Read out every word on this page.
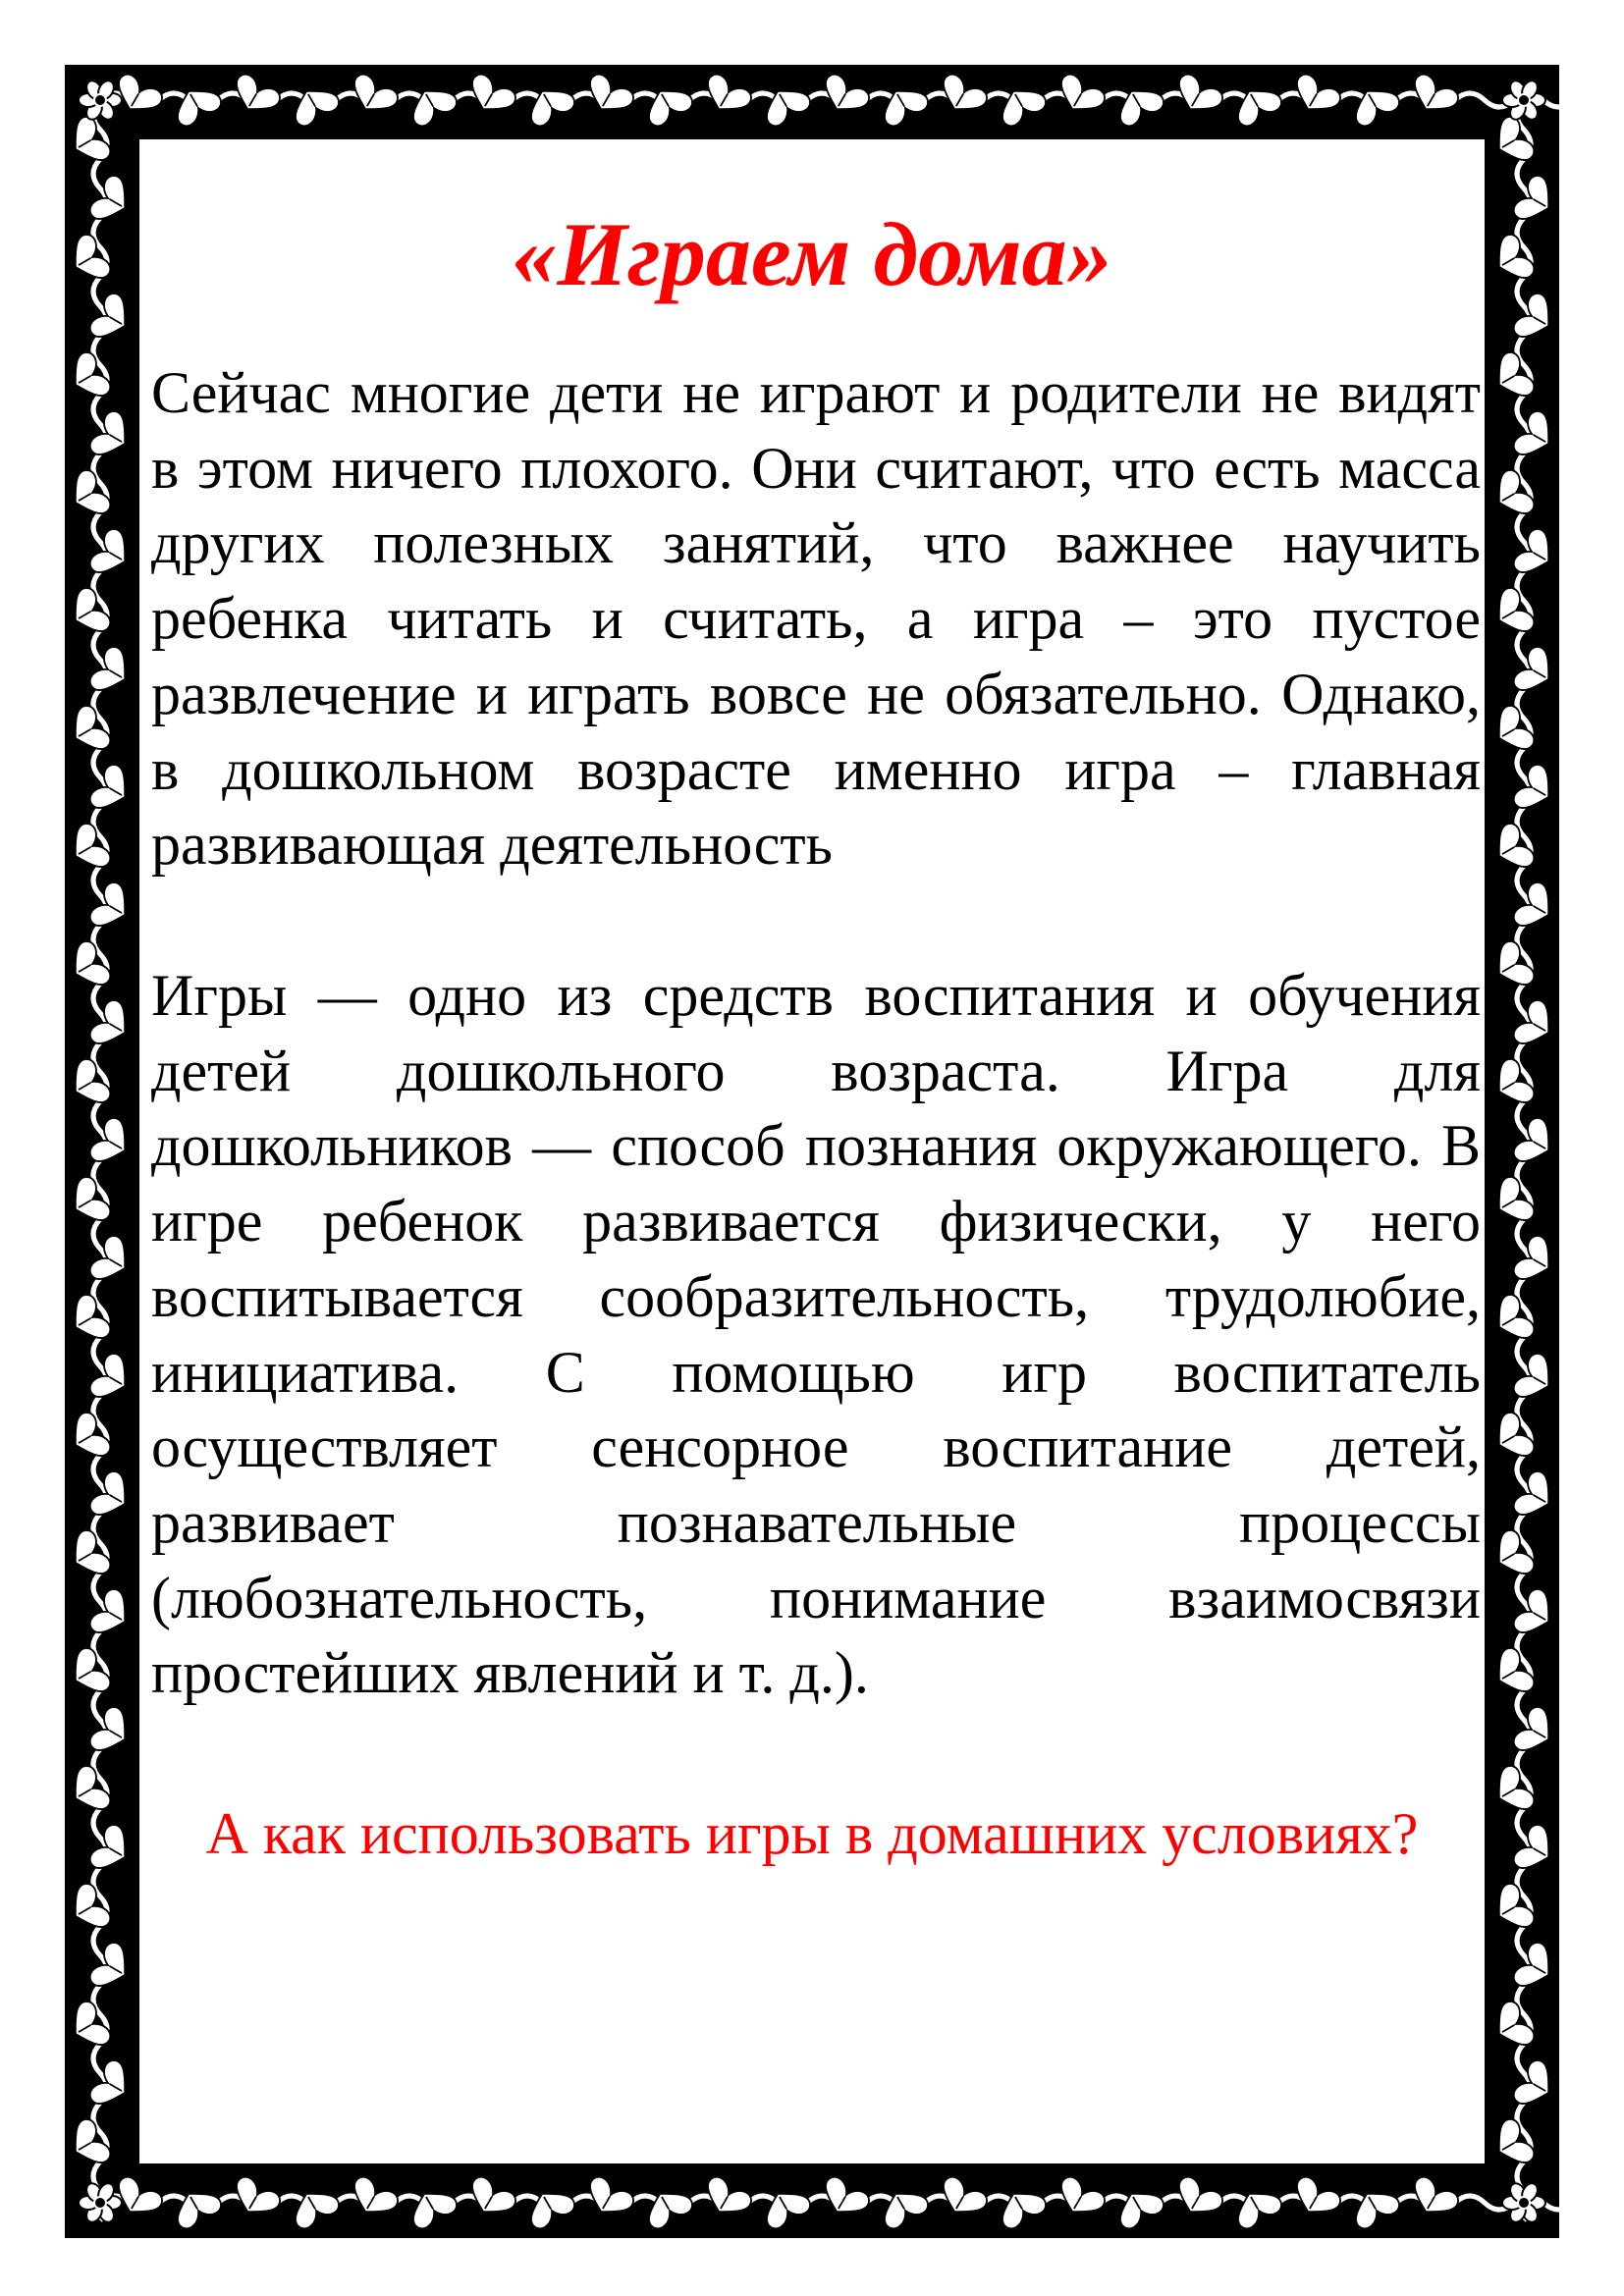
«Играем дома»

Сейчас многие дети не играют и родители не видят в этом ничего плохого. Они считают, что есть масса других полезных занятий, что важнее научить ребенка читать и считать, а игра – это пустое развлечение и играть вовсе не обязательно. Однако, в дошкольном возрасте именно игра – главная развивающая деятельность

Игры — одно из средств воспитания и обучения детей дошкольного возраста. Игра для дошкольников — способ познания окружающего. В игре ребенок развивается физически, у него воспитывается сообразительность, трудолюбие, инициатива. С помощью игр воспитатель осуществляет сенсорное воспитание детей, развивает познавательные процессы (любознательность, понимание взаимосвязи простейших явлений и т. д.).

А как использовать игры в домашних условиях?
